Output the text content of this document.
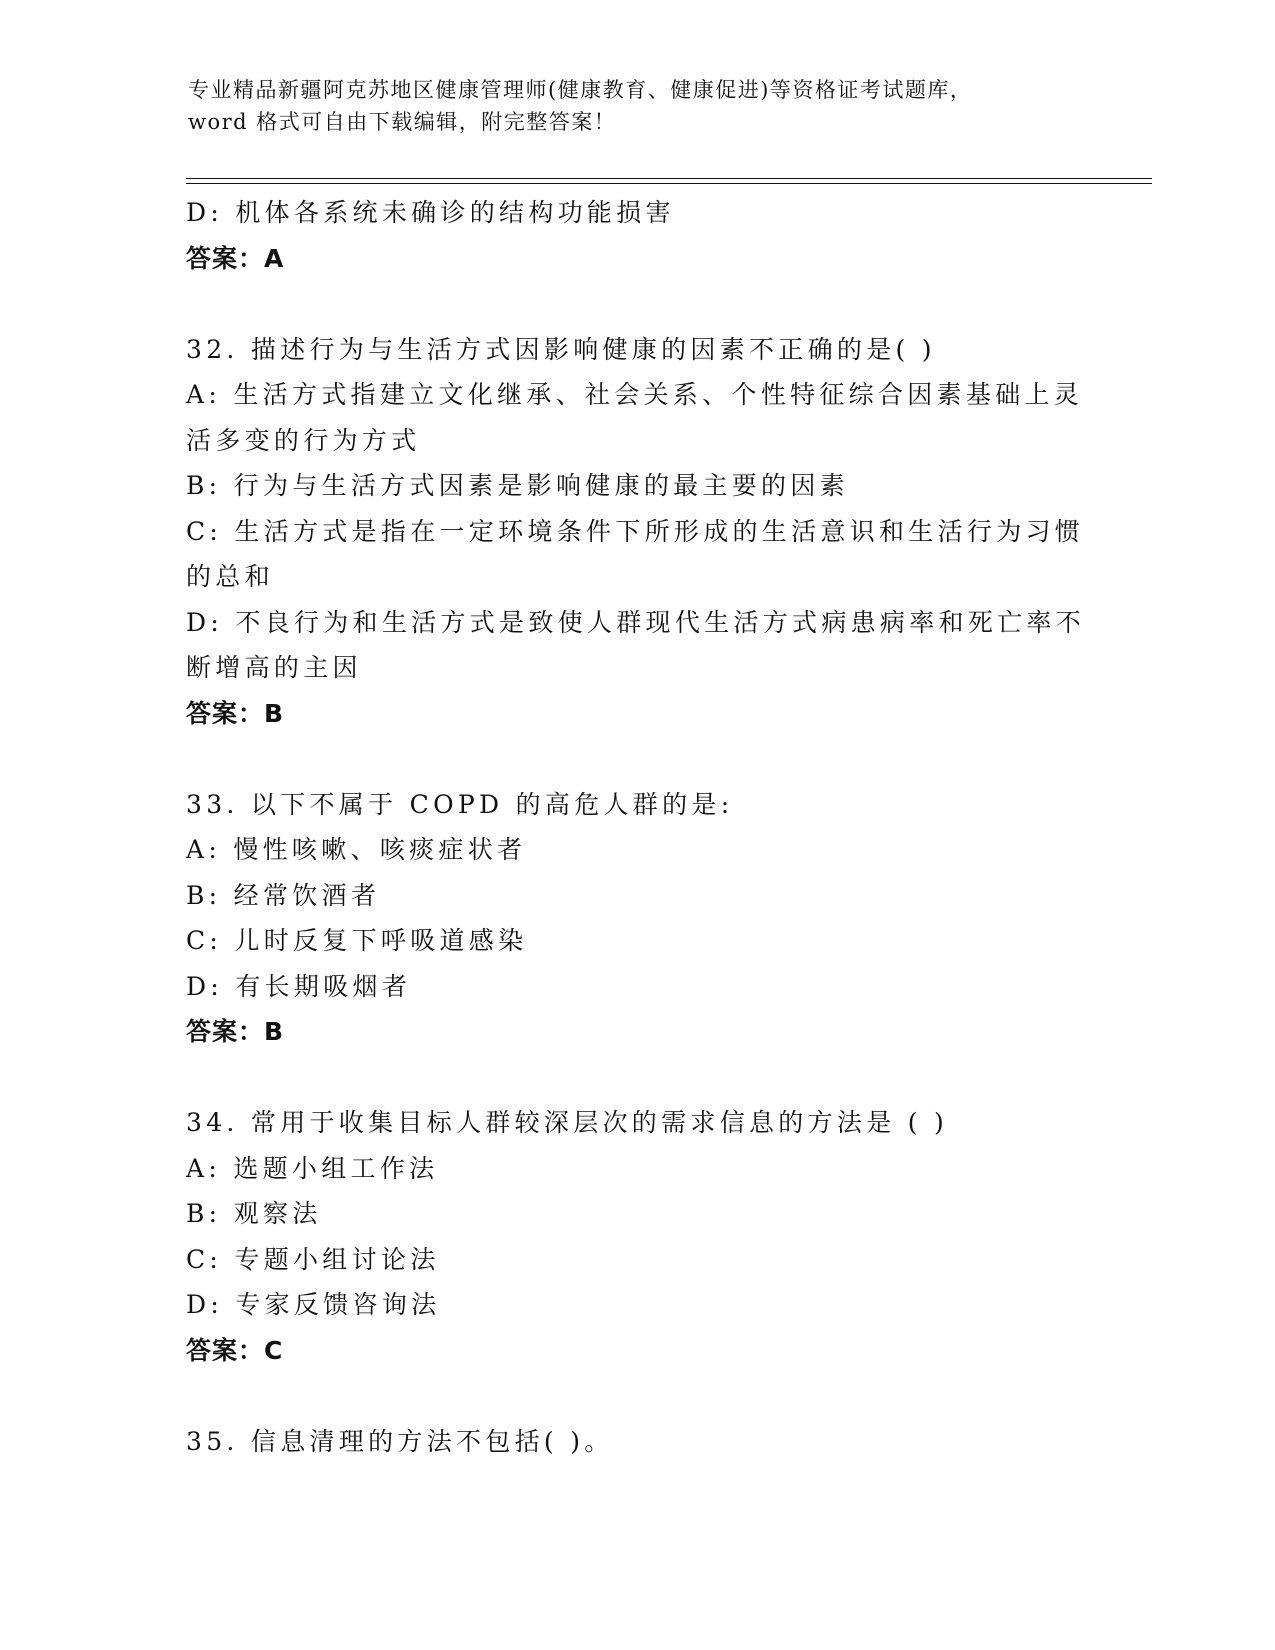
专业精品新疆阿克苏地区健康管理师(健康教育、健康促进)等资格证考试题库，
word 格式可自由下载编辑，附完整答案！
D: 机体各系统未确诊的结构功能损害
答案：A
32. 描述行为与生活方式因影响健康的因素不正确的是( )
A: 生活方式指建立文化继承、社会关系、个性特征综合因素基础上灵
活多变的行为方式
B: 行为与生活方式因素是影响健康的最主要的因素
C: 生活方式是指在一定环境条件下所形成的生活意识和生活行为习惯
的总和
D: 不良行为和生活方式是致使人群现代生活方式病患病率和死亡率不
断增高的主因
答案：B
33. 以下不属于 COPD 的高危人群的是:
A: 慢性咳嗽、咳痰症状者
B: 经常饮酒者
C: 儿时反复下呼吸道感染
D: 有长期吸烟者
答案：B
34. 常用于收集目标人群较深层次的需求信息的方法是 ( )
A: 选题小组工作法
B: 观察法
C: 专题小组讨论法
D: 专家反馈咨询法
答案：C
35. 信息清理的方法不包括( )。
